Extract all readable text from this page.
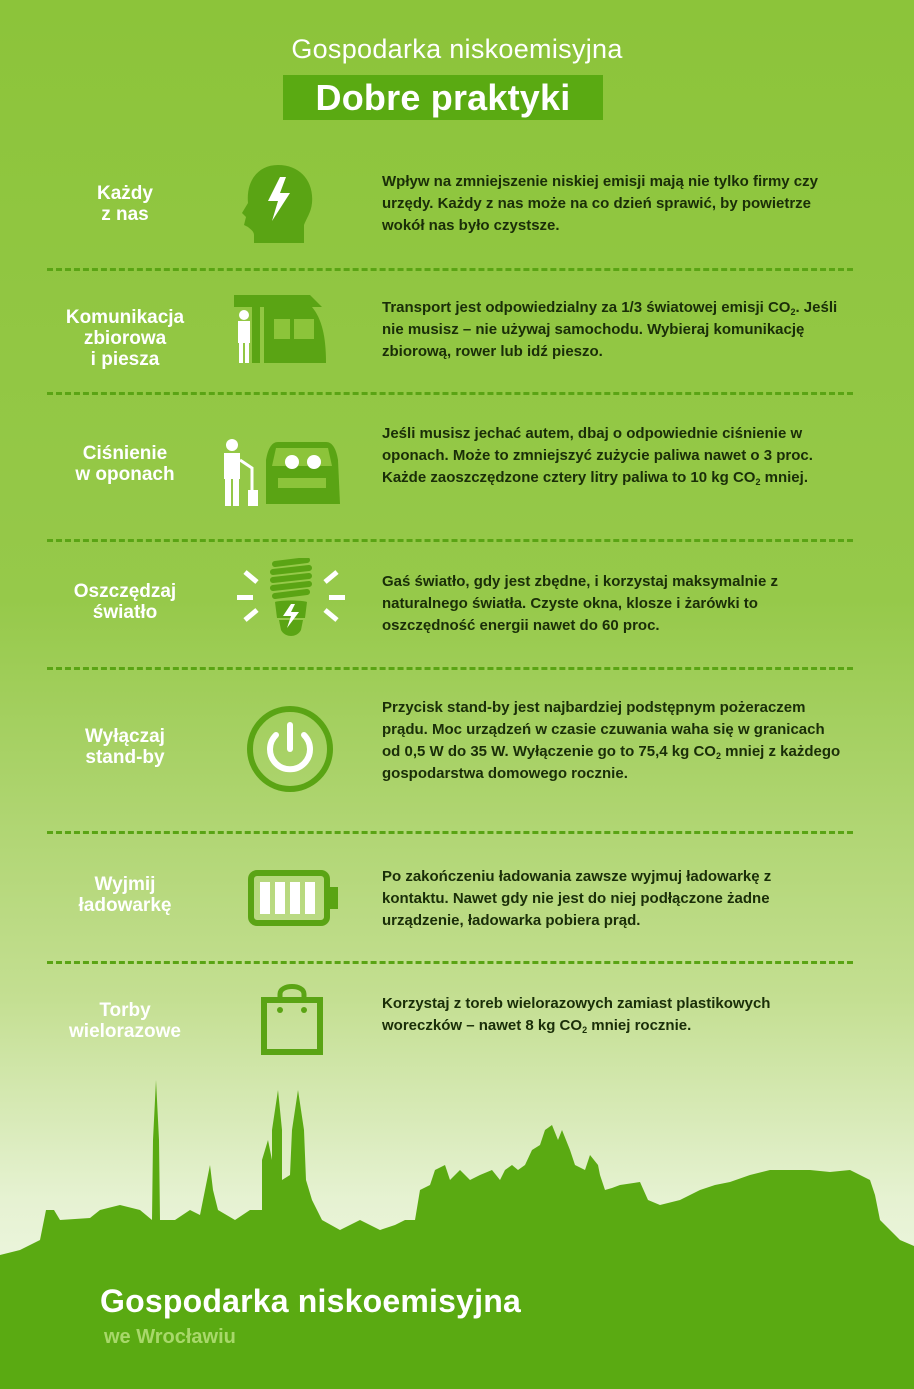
Gospodarka niskoemisyjna
Dobre praktyki
Każdy
z nas
Wpływ na zmniejszenie niskiej emisji mają nie tylko firmy czy urzędy. Każdy z nas może na co dzień sprawić, by powietrze wokół nas było czystsze.
Komunikacja
zbiorowa
i piesza
Transport jest odpowiedzialny za 1/3 światowej emisji $CO_2$. Jeśli nie musisz – nie używaj samochodu. Wybieraj komunikację zbiorową, rower lub idź pieszo.
Ciśnienie
w oponach
Jeśli musisz jechać autem, dbaj o odpowiednie ciśnienie w oponach. Może to zmniejszyć zużycie paliwa nawet o 3 proc. Każde zaoszczędzone cztery litry paliwa to 10 kg $CO_2$ mniej.
Oszczędzaj
światło
Gaś światło, gdy jest zbędne, i korzystaj maksymalnie z naturalnego światła. Czyste okna, klosze i żarówki to oszczędność energii nawet do 60 proc.
Wyłączaj
stand-by
Przycisk stand-by jest najbardziej podstępnym pożeraczem prądu. Moc urządzeń w czasie czuwania waha się w granicach od 0,5 W do 35 W. Wyłączenie go to 75,4 kg $CO_2$ mniej z każdego gospodarstwa domowego rocznie.
Wyjmij
ładowarkę
Po zakończeniu ładowania zawsze wyjmuj ładowarkę z kontaktu. Nawet gdy nie jest do niej podłączone żadne urządzenie, ładowarka pobiera prąd.
Torby
wielorazowe
Korzystaj z toreb wielorazowych zamiast plastikowych woreczków – nawet 8 kg $CO_2$ mniej rocznie.
Gospodarka niskoemisyjna
we Wrocławiu
